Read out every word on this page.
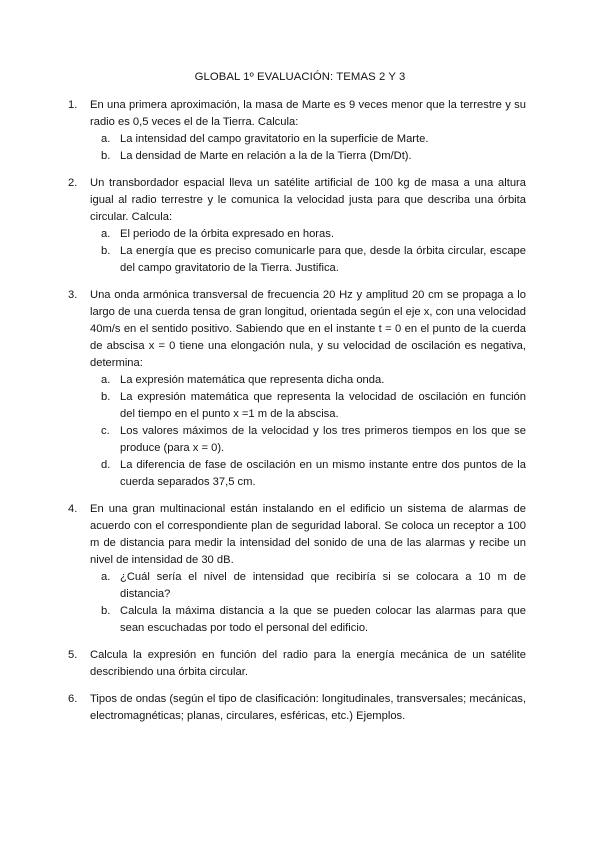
GLOBAL 1º EVALUACIÓN: TEMAS 2 Y 3
1. En una primera aproximación, la masa de Marte es 9 veces menor que la terrestre y su radio es 0,5 veces el de la Tierra. Calcula:
a. La intensidad del campo gravitatorio en la superficie de Marte.
b. La densidad de Marte en relación a la de la Tierra (Dm/Dt).
2. Un transbordador espacial lleva un satélite artificial de 100 kg de masa a una altura igual al radio terrestre y le comunica la velocidad justa para que describa una órbita circular. Calcula:
a. El periodo de la órbita expresado en horas.
b. La energía que es preciso comunicarle para que, desde la órbita circular, escape del campo gravitatorio de la Tierra. Justifica.
3. Una onda armónica transversal de frecuencia 20 Hz y amplitud 20 cm se propaga a lo largo de una cuerda tensa de gran longitud, orientada según el eje x, con una velocidad 40m/s en el sentido positivo. Sabiendo que en el instante t = 0 en el punto de la cuerda de abscisa x = 0 tiene una elongación nula, y su velocidad de oscilación es negativa, determina:
a. La expresión matemática que representa dicha onda.
b. La expresión matemática que representa la velocidad de oscilación en función del tiempo en el punto x =1 m de la abscisa.
c. Los valores máximos de la velocidad y los tres primeros tiempos en los que se produce (para x = 0).
d. La diferencia de fase de oscilación en un mismo instante entre dos puntos de la cuerda separados 37,5 cm.
4. En una gran multinacional están instalando en el edificio un sistema de alarmas de acuerdo con el correspondiente plan de seguridad laboral. Se coloca un receptor a 100 m de distancia para medir la intensidad del sonido de una de las alarmas y recibe un nivel de intensidad de 30 dB.
a. ¿Cuál sería el nivel de intensidad que recibiría si se colocara a 10 m de distancia?
b. Calcula la máxima distancia a la que se pueden colocar las alarmas para que sean escuchadas por todo el personal del edificio.
5. Calcula la expresión en función del radio para la energía mecánica de un satélite describiendo una órbita circular.
6. Tipos de ondas (según el tipo de clasificación: longitudinales, transversales; mecánicas, electromagnéticas; planas, circulares, esféricas, etc.) Ejemplos.
